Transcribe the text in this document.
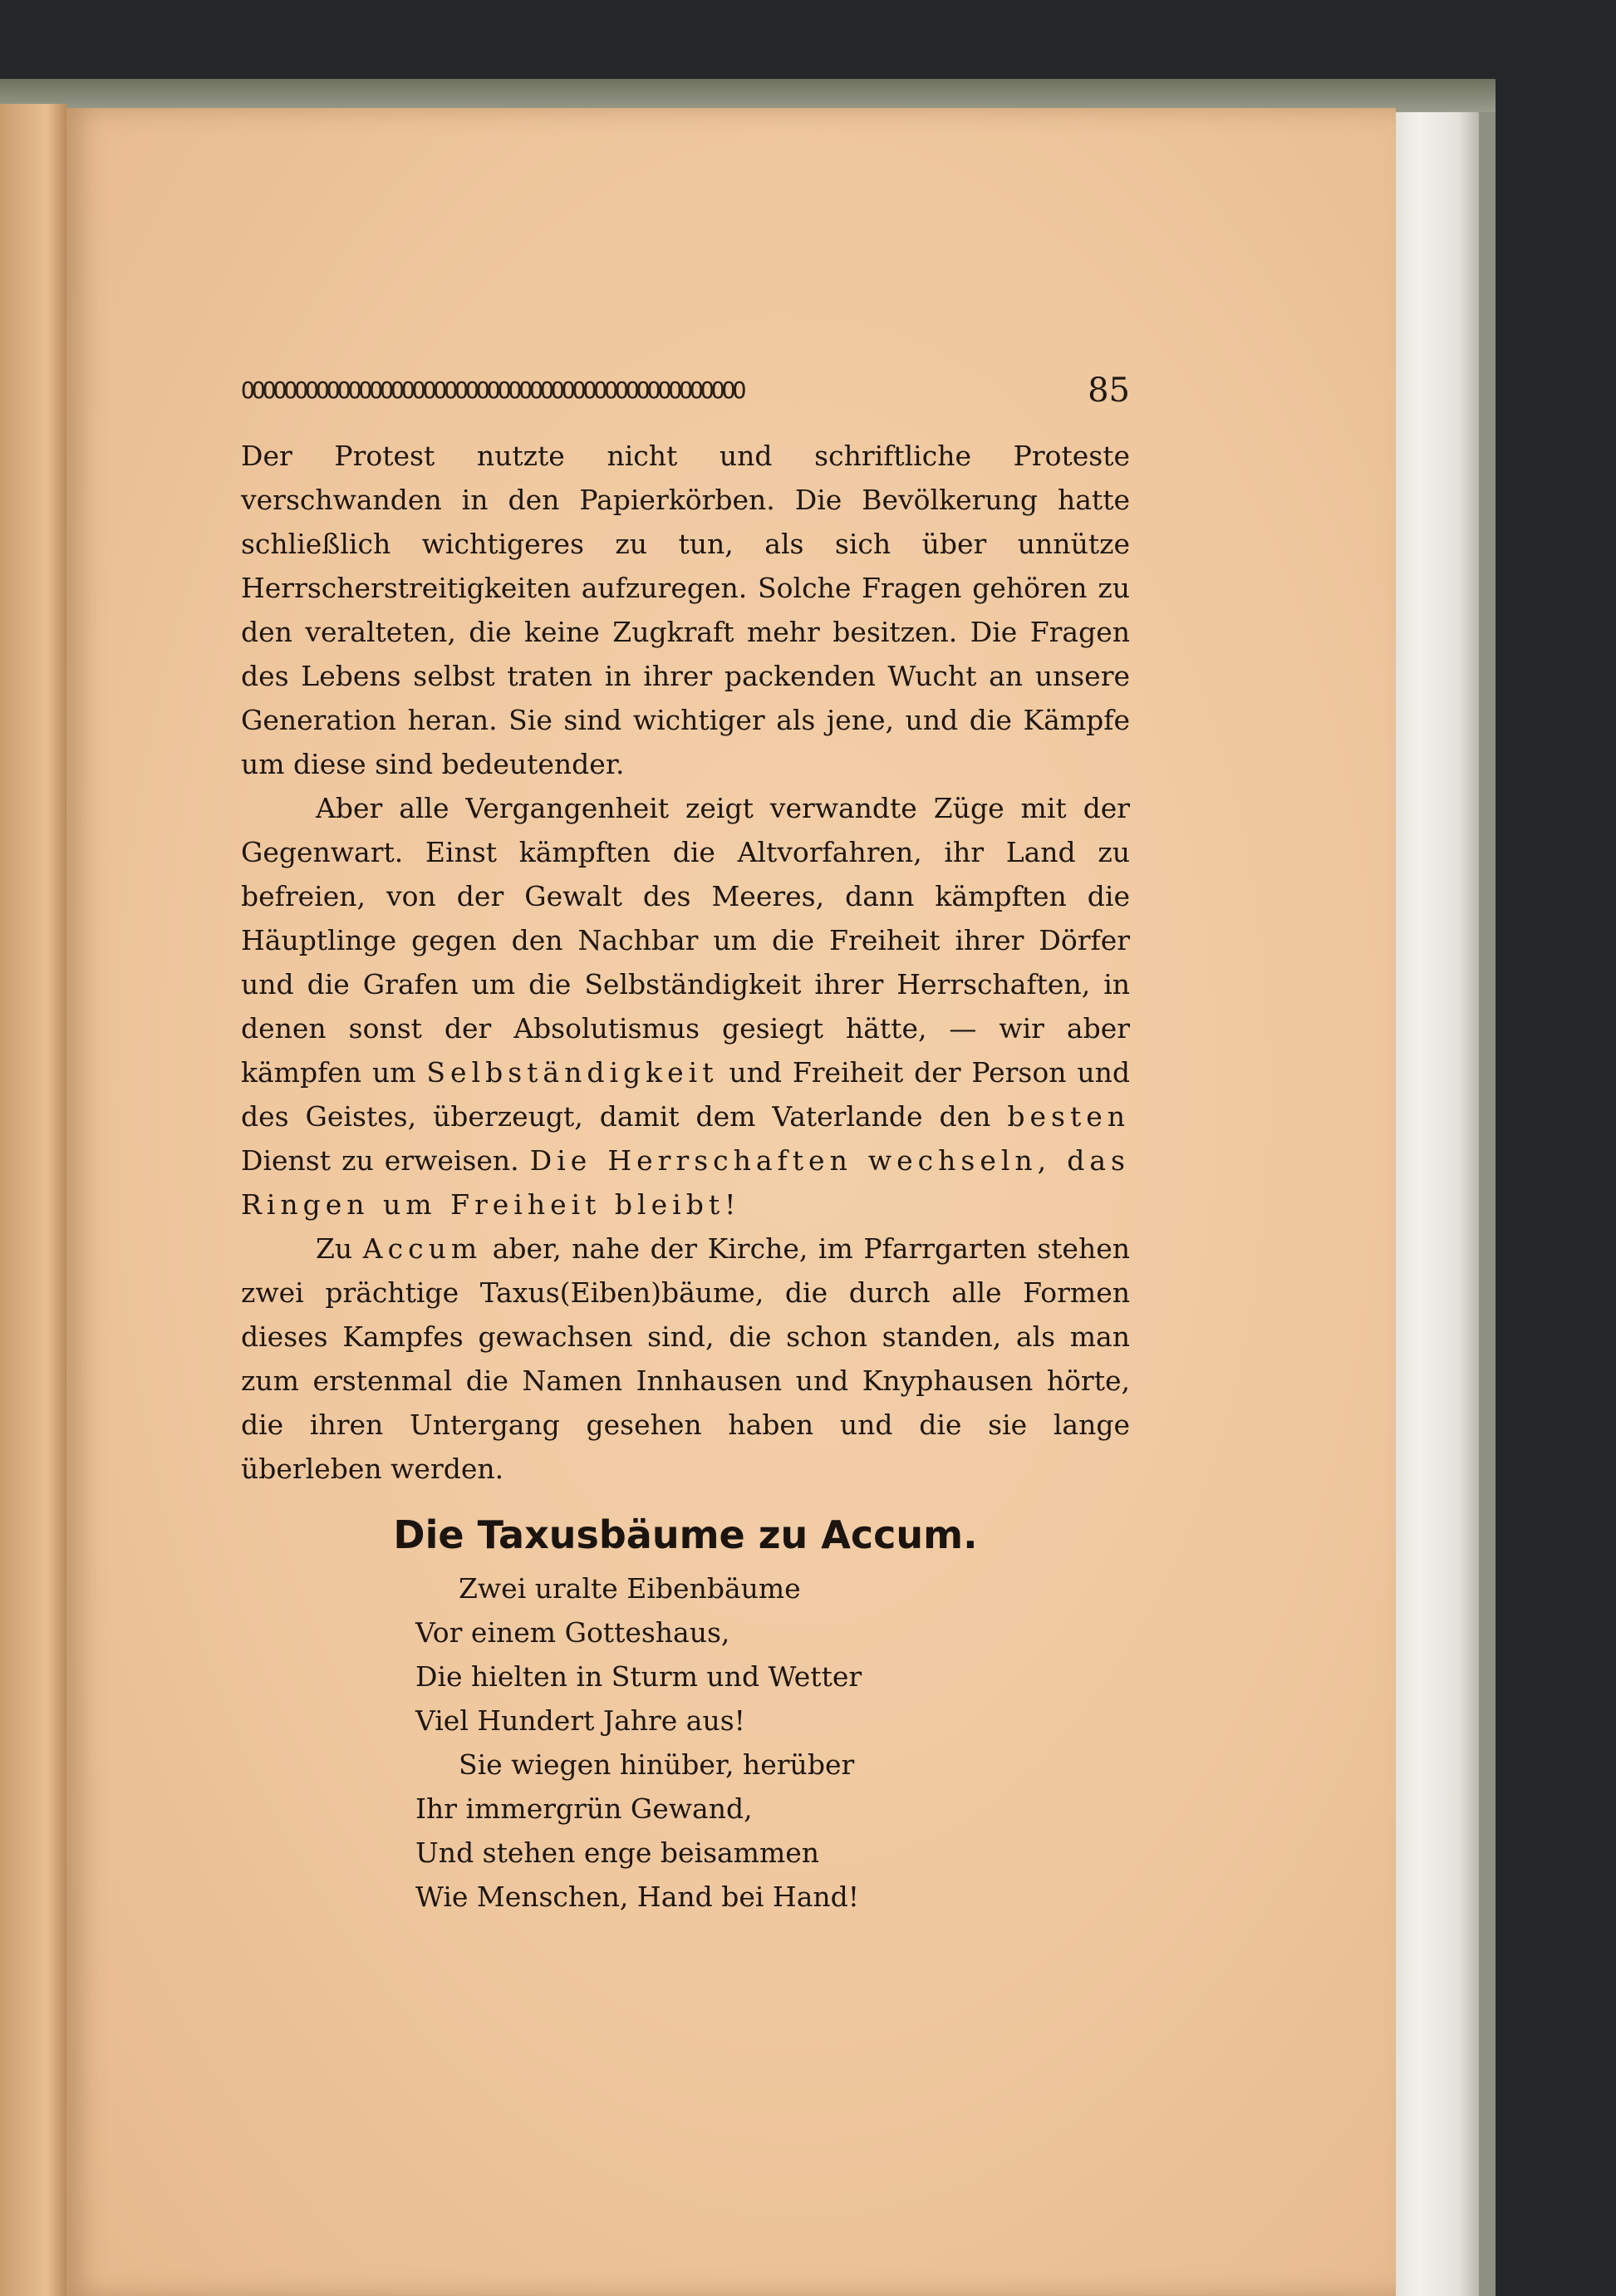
OOOOOOOOOOOOOOOOOOOOOOOOOOOOOOOOOOOOOOOOOOOOOOO	85

Der Protest nutzte nicht und schriftliche Proteste verschwanden in den Papierkörben. Die Bevölkerung hatte schließlich wichtigeres zu tun, als sich über unnütze Herrscherstreitigkeiten aufzuregen. Solche Fragen gehören zu den veralteten, die keine Zugkraft mehr besitzen. Die Fragen des Lebens selbst traten in ihrer packenden Wucht an unsere Generation heran. Sie sind wichtiger als jene, und die Kämpfe um diese sind bedeutender.

Aber alle Vergangenheit zeigt verwandte Züge mit der Gegenwart. Einst kämpften die Altvorfahren, ihr Land zu befreien, von der Gewalt des Meeres, dann kämpften die Häuptlinge gegen den Nachbar um die Freiheit ihrer Dörfer und die Grafen um die Selbständigkeit ihrer Herrschaften, in denen sonst der Absolutismus gesiegt hätte, — wir aber kämpfen um Selbständigkeit und Freiheit der Person und des Geistes, überzeugt, damit dem Vaterlande den besten Dienst zu erweisen. Die Herrschaften wechseln, das Ringen um Freiheit bleibt!

Zu Accum aber, nahe der Kirche, im Pfarrgarten stehen zwei prächtige Taxus(Eiben)bäume, die durch alle Formen dieses Kampfes gewachsen sind, die schon standen, als man zum erstenmal die Namen Innhausen und Knyphausen hörte, die ihren Untergang gesehen haben und die sie lange überleben werden.

Die Taxusbäume zu Accum.
Zwei uralte Eibenbäume
Vor einem Gotteshaus,
Die hielten in Sturm und Wetter
Viel Hundert Jahre aus!
Sie wiegen hinüber, herüber
Ihr immergrün Gewand,
Und stehen enge beisammen
Wie Menschen, Hand bei Hand!
